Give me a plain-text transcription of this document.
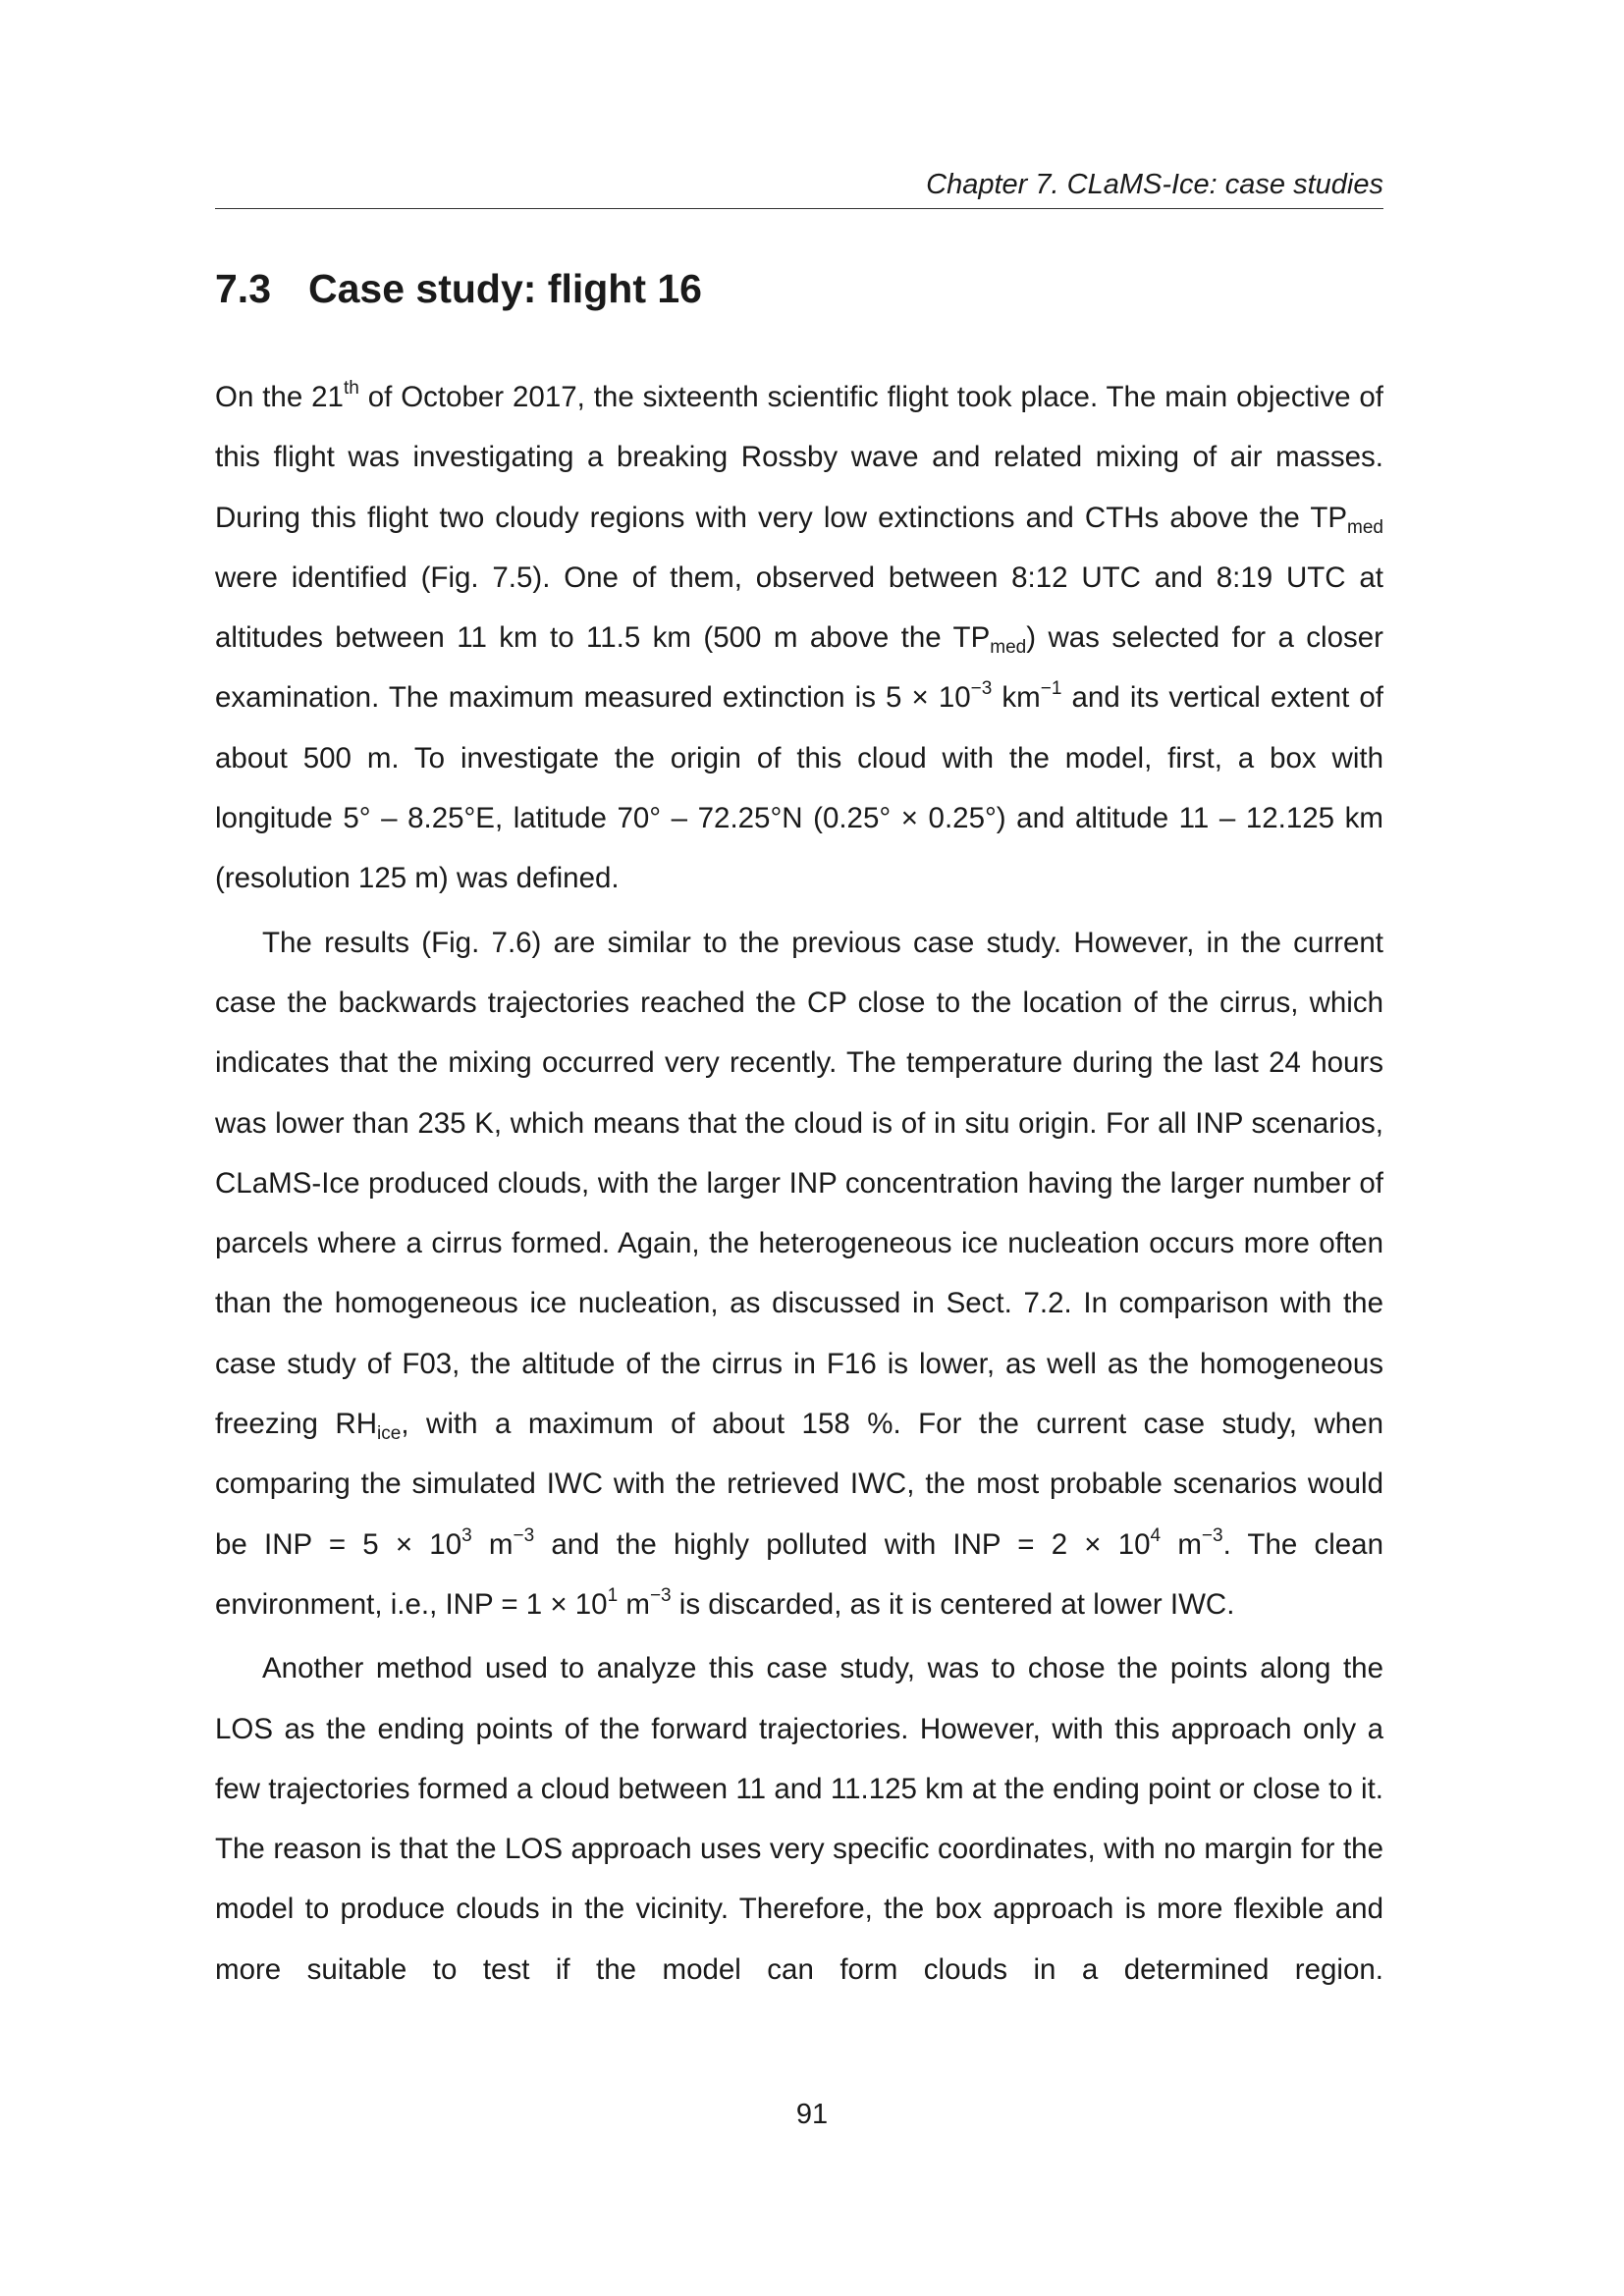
Chapter 7. CLaMS-Ice: case studies
7.3 Case study: flight 16

On the 21th of October 2017, the sixteenth scientific flight took place. The main objective of this flight was investigating a breaking Rossby wave and related mixing of air masses. During this flight two cloudy regions with very low extinctions and CTHs above the $TP_{med}$ were identified (Fig. 7.5). One of them, observed between 8:12 UTC and 8:19 UTC at altitudes between 11 km to 11.5 km (500 m above the $TP_{med}$) was selected for a closer examination. The maximum measured extinction is $5 \times 10^{-3}$ $km^{-1}$ and its vertical extent of about 500 m. To investigate the origin of this cloud with the model, first, a box with longitude 5° – 8.25°E, latitude 70° – 72.25°N (0.25° × 0.25°) and altitude 11 – 12.125 km (resolution 125 m) was defined.

The results (Fig. 7.6) are similar to the previous case study. However, in the current case the backwards trajectories reached the CP close to the location of the cirrus, which indicates that the mixing occurred very recently. The temperature during the last 24 hours was lower than 235 K, which means that the cloud is of in situ origin. For all INP scenarios, CLaMS-Ice produced clouds, with the larger INP concentration having the larger number of parcels where a cirrus formed. Again, the heterogeneous ice nucleation occurs more often than the homogeneous ice nucleation, as discussed in Sect. 7.2. In comparison with the case study of F03, the altitude of the cirrus in F16 is lower, as well as the homogeneous freezing $RH_{ice}$, with a maximum of about 158 %. For the current case study, when comparing the simulated IWC with the retrieved IWC, the most probable scenarios would be INP = $5 \times 10^3$ $m^{-3}$ and the highly polluted with INP = $2 \times 10^4$ $m^{-3}$. The clean environment, i.e., INP = $1 \times 10^1$ $m^{-3}$ is discarded, as it is centered at lower IWC.

Another method used to analyze this case study, was to chose the points along the LOS as the ending points of the forward trajectories. However, with this approach only a few trajectories formed a cloud between 11 and 11.125 km at the ending point or close to it. The reason is that the LOS approach uses very specific coordinates, with no margin for the model to produce clouds in the vicinity. Therefore, the box approach is more flexible and more suitable to test if the model can form clouds in a determined region.

91
